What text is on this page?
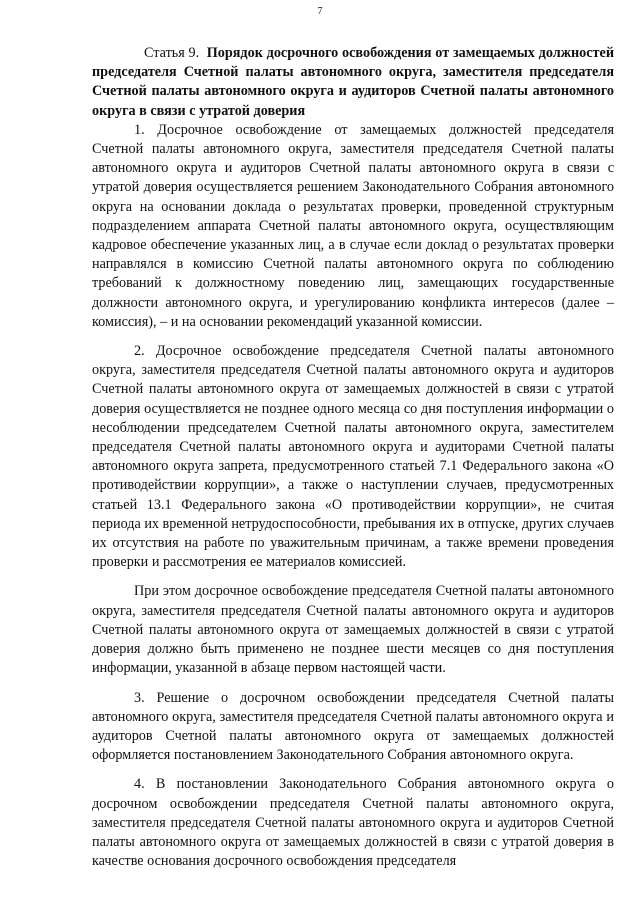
7

Статья 9. Порядок досрочного освобождения от замещаемых должностей председателя Счетной палаты автономного округа, заместителя председателя Счетной палаты автономного округа и аудиторов Счетной палаты автономного округа в связи с утратой доверия

1. Досрочное освобождение от замещаемых должностей председателя Счетной палаты автономного округа, заместителя председателя Счетной палаты автономного округа и аудиторов Счетной палаты автономного округа в связи с утратой доверия осуществляется решением Законодательного Собрания автономного округа на основании доклада о результатах проверки, проведенной структурным подразделением аппарата Счетной палаты автономного округа, осуществляющим кадровое обеспечение указанных лиц, а в случае если доклад о результатах проверки направлялся в комиссию Счетной палаты автономного округа по соблюдению требований к должностному поведению лиц, замещающих государственные должности автономного округа, и урегулированию конфликта интересов (далее – комиссия), – и на основании рекомендаций указанной комиссии.

2. Досрочное освобождение председателя Счетной палаты автономного округа, заместителя председателя Счетной палаты автономного округа и аудиторов Счетной палаты автономного округа от замещаемых должностей в связи с утратой доверия осуществляется не позднее одного месяца со дня поступления информации о несоблюдении председателем Счетной палаты автономного округа, заместителем председателя Счетной палаты автономного округа и аудиторами Счетной палаты автономного округа запрета, предусмотренного статьей 7.1 Федерального закона «О противодействии коррупции», а также о наступлении случаев, предусмотренных статьей 13.1 Федерального закона «О противодействии коррупции», не считая периода их временной нетрудоспособности, пребывания их в отпуске, других случаев их отсутствия на работе по уважительным причинам, а также времени проведения проверки и рассмотрения ее материалов комиссией.

При этом досрочное освобождение председателя Счетной палаты автономного округа, заместителя председателя Счетной палаты автономного округа и аудиторов Счетной палаты автономного округа от замещаемых должностей в связи с утратой доверия должно быть применено не позднее шести месяцев со дня поступления информации, указанной в абзаце первом настоящей части.

3. Решение о досрочном освобождении председателя Счетной палаты автономного округа, заместителя председателя Счетной палаты автономного округа и аудиторов Счетной палаты автономного округа от замещаемых должностей оформляется постановлением Законодательного Собрания автономного округа.

4. В постановлении Законодательного Собрания автономного округа о досрочном освобождении председателя Счетной палаты автономного округа, заместителя председателя Счетной палаты автономного округа и аудиторов Счетной палаты автономного округа от замещаемых должностей в связи с утратой доверия в качестве основания досрочного освобождения председателя
